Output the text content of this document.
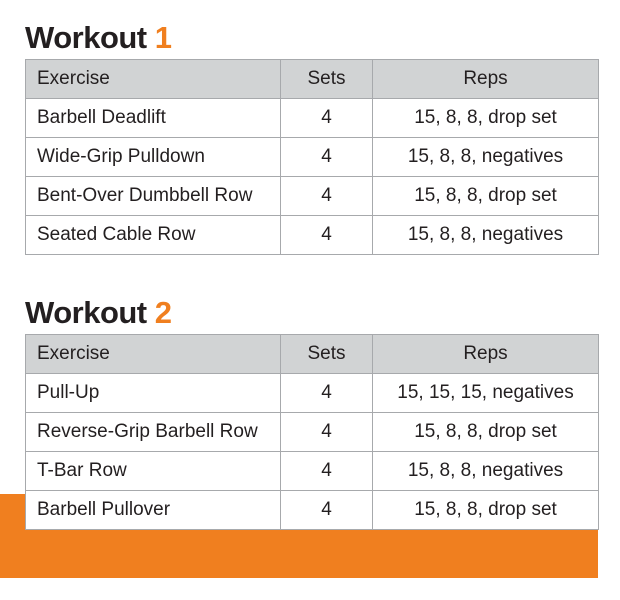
Workout 1
Exercise	Sets	Reps
Barbell Deadlift	4	15, 8, 8, drop set
Wide-Grip Pulldown	4	15, 8, 8, negatives
Bent-Over Dumbbell Row	4	15, 8, 8, drop set
Seated Cable Row	4	15, 8, 8, negatives
Workout 2
Exercise	Sets	Reps
Pull-Up	4	15, 15, 15, negatives
Reverse-Grip Barbell Row	4	15, 8, 8, drop set
T-Bar Row	4	15, 8, 8, negatives
Barbell Pullover	4	15, 8, 8, drop set
